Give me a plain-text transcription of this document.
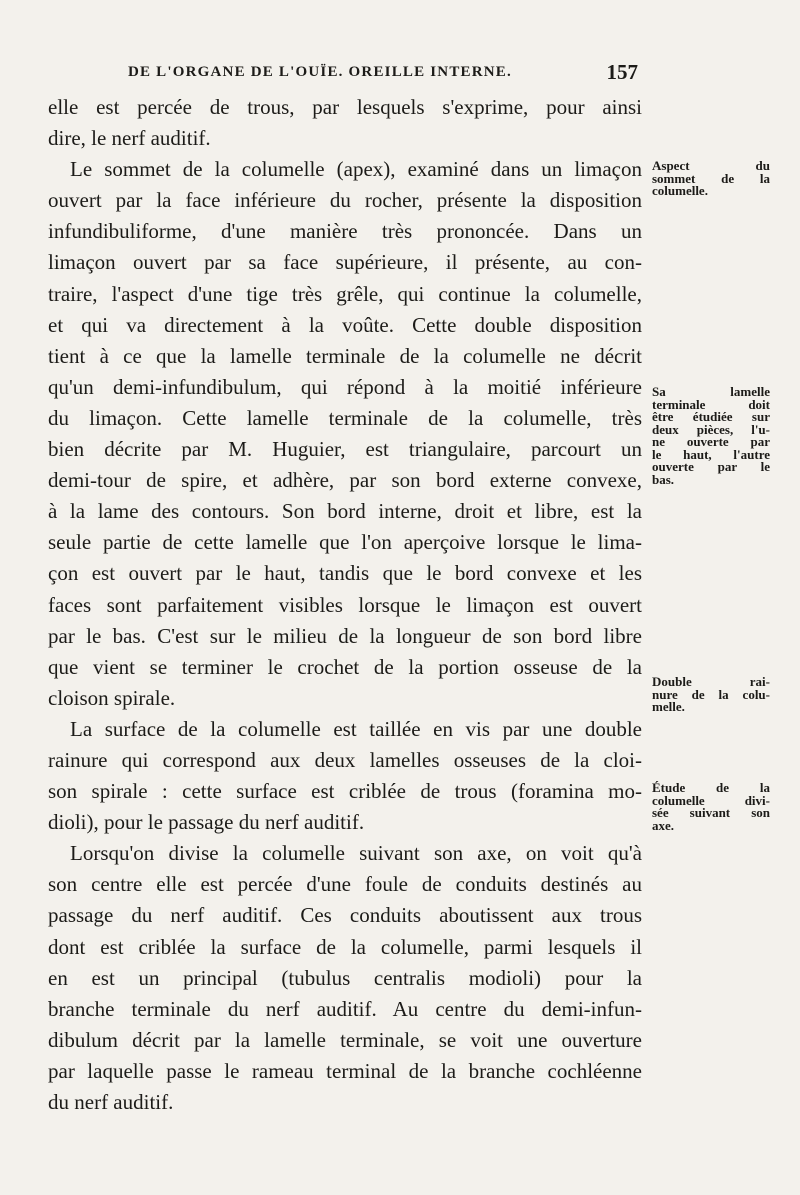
DE L'ORGANE DE L'OUÏE. OREILLE INTERNE.	157
elle est percée de trous, par lesquels s'exprime, pour ainsi
dire, le nerf auditif.
Le sommet de la columelle (apex), examiné dans un limaçon
ouvert par la face inférieure du rocher, présente la disposition
infundibuliforme, d'une manière très prononcée. Dans un
limaçon ouvert par sa face supérieure, il présente, au con-
traire, l'aspect d'une tige très grêle, qui continue la columelle,
et qui va directement à la voûte. Cette double disposition
tient à ce que la lamelle terminale de la columelle ne décrit
qu'un demi-infundibulum, qui répond à la moitié inférieure
du limaçon. Cette lamelle terminale de la columelle, très
bien décrite par M. Huguier, est triangulaire, parcourt un
demi-tour de spire, et adhère, par son bord externe convexe,
à la lame des contours. Son bord interne, droit et libre, est la
seule partie de cette lamelle que l'on aperçoive lorsque le lima-
çon est ouvert par le haut, tandis que le bord convexe et les
faces sont parfaitement visibles lorsque le limaçon est ouvert
par le bas. C'est sur le milieu de la longueur de son bord libre
que vient se terminer le crochet de la portion osseuse de la
cloison spirale.
La surface de la columelle est taillée en vis par une double
rainure qui correspond aux deux lamelles osseuses de la cloi-
son spirale : cette surface est criblée de trous (foramina mo-
dioli), pour le passage du nerf auditif.
Lorsqu'on divise la columelle suivant son axe, on voit qu'à
son centre elle est percée d'une foule de conduits destinés au
passage du nerf auditif. Ces conduits aboutissent aux trous
dont est criblée la surface de la columelle, parmi lesquels il
en est un principal (tubulus centralis modioli) pour la
branche terminale du nerf auditif. Au centre du demi-infun-
dibulum décrit par la lamelle terminale, se voit une ouverture
par laquelle passe le rameau terminal de la branche cochléenne
du nerf auditif.
Aspect du
sommet de la
columelle.
Sa lamelle
terminale doit
être étudiée sur
deux pièces, l'u-
ne ouverte par
le haut, l'autre
ouverte par le
bas.
Double rai-
nure de la colu-
melle.
Étude de la
columelle divi-
sée suivant son
axe.
